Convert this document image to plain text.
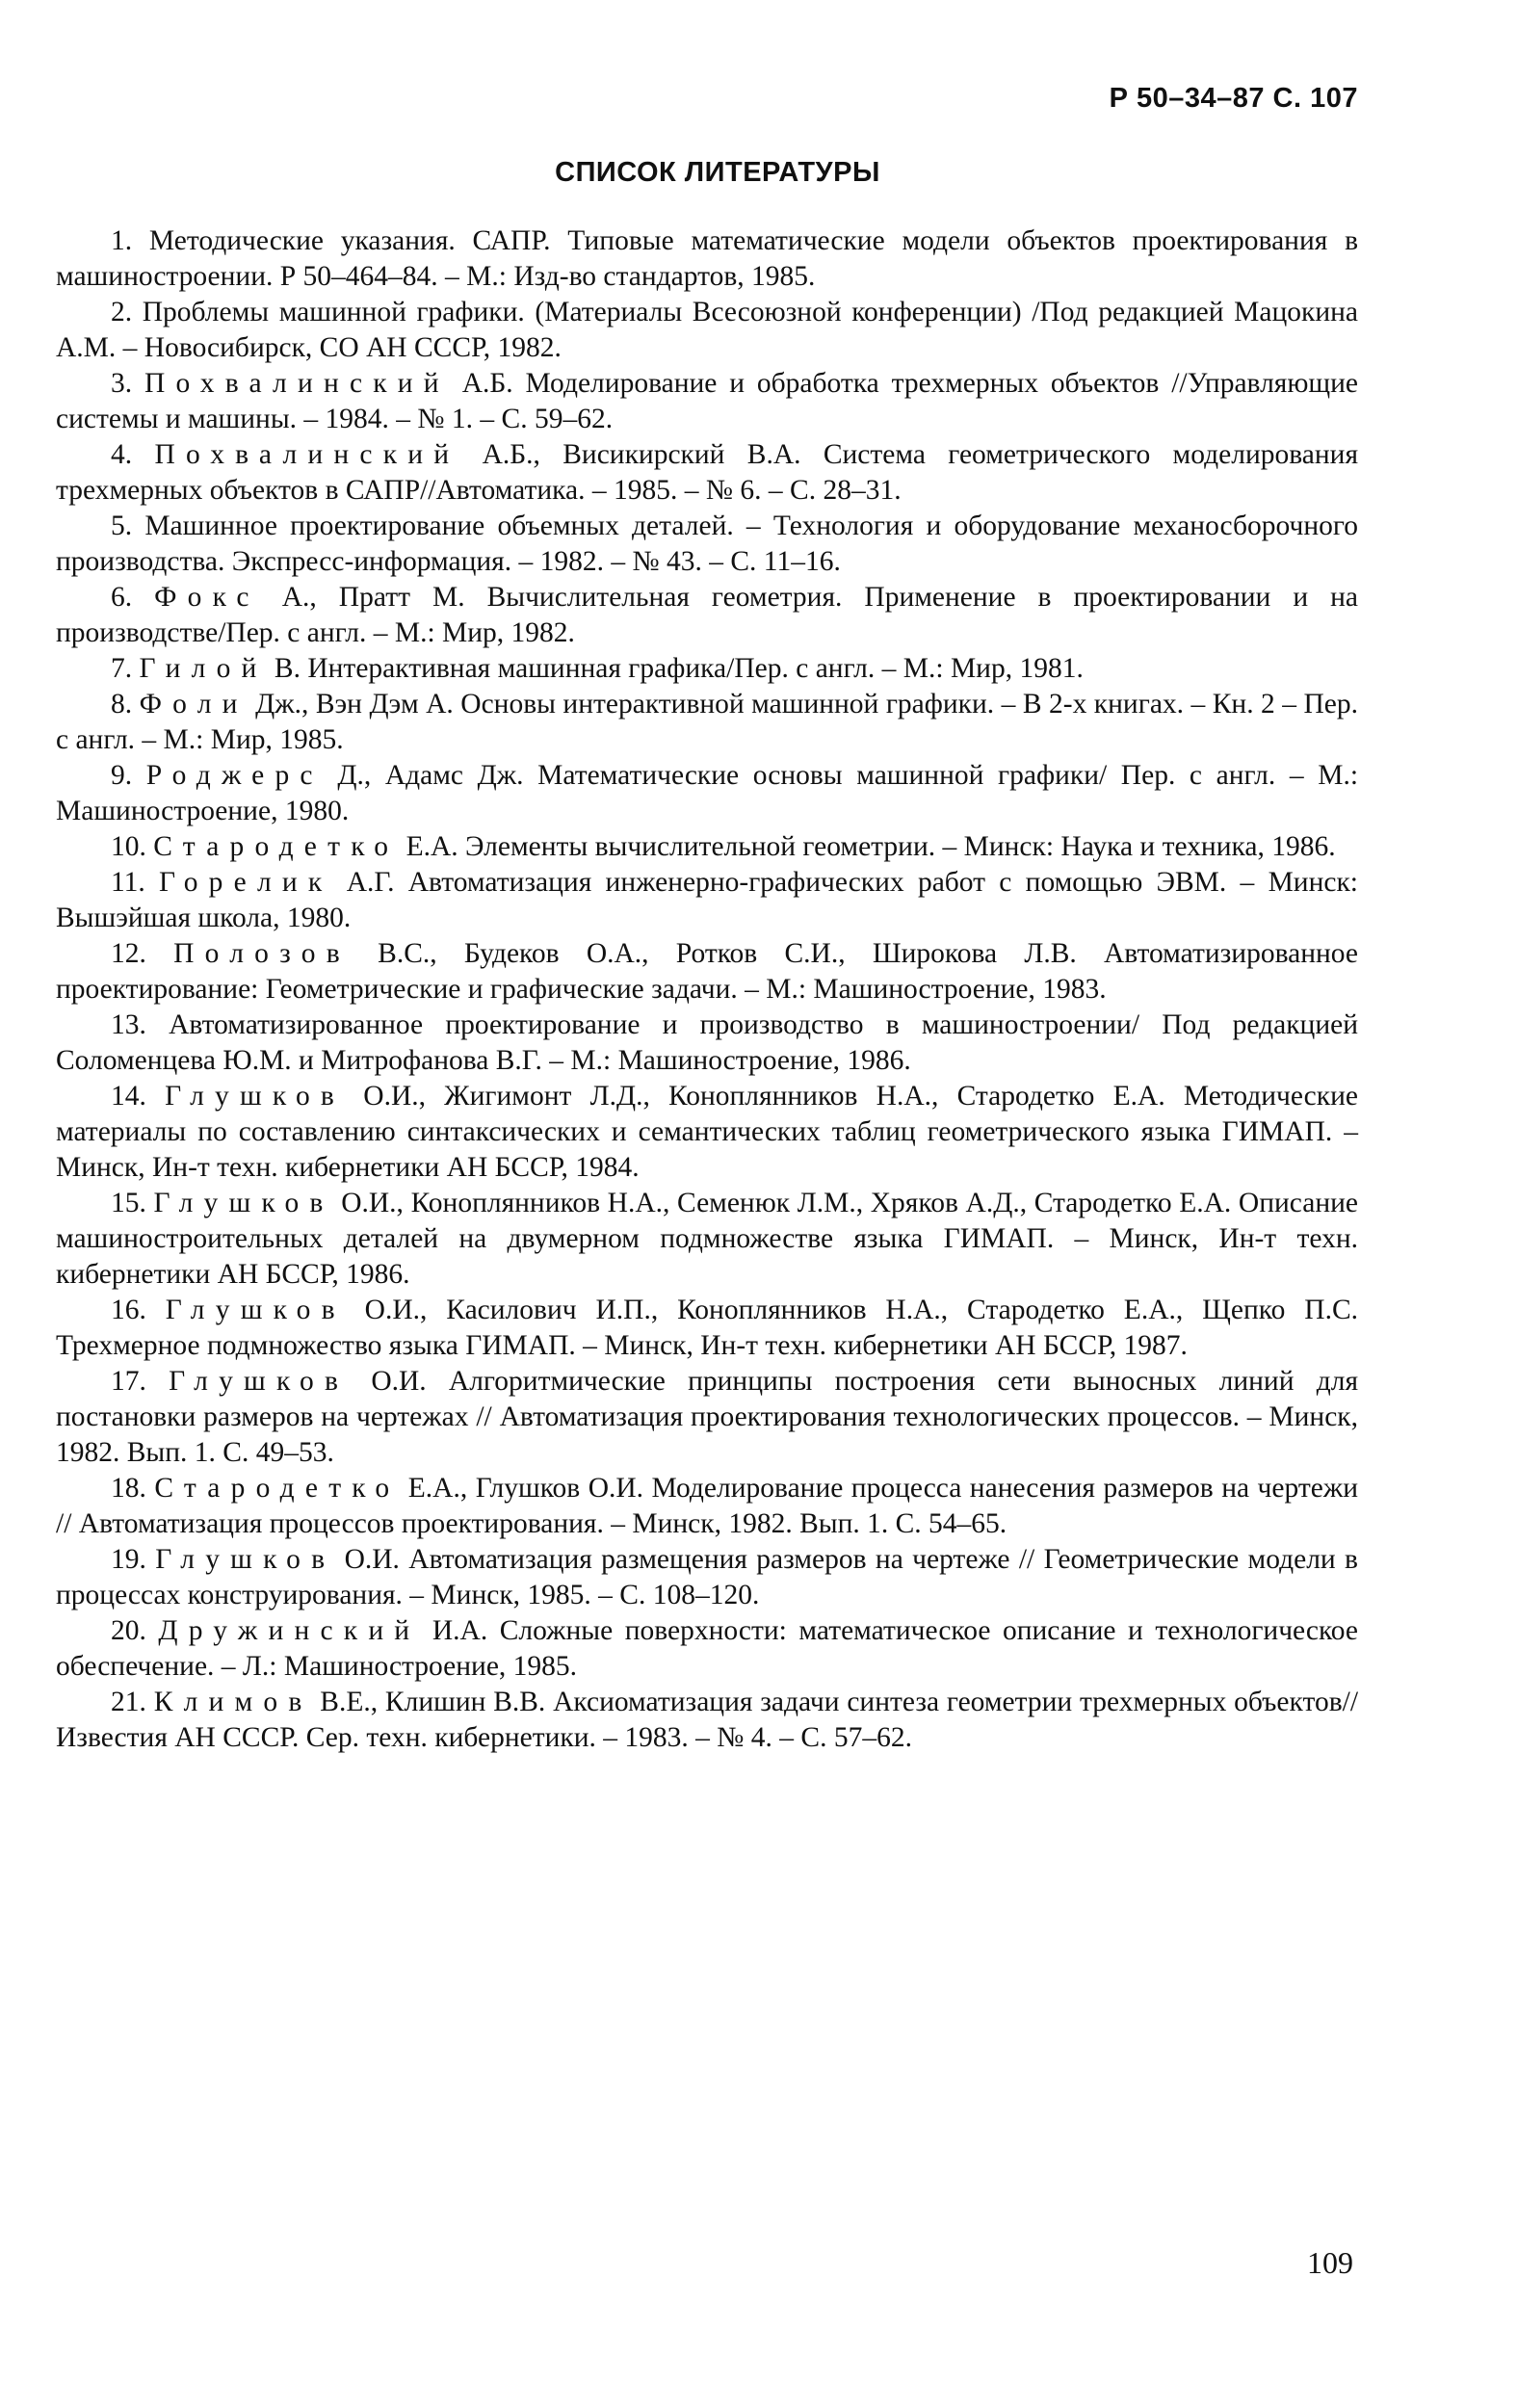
Р 50–34–87 С. 107
СПИСОК ЛИТЕРАТУРЫ

1. Методические указания. САПР. Типовые математические модели объектов проектирования в машиностроении. Р 50–464–84. – М.: Изд-во стандартов, 1985.

2. Проблемы машинной графики. (Материалы Всесоюзной конференции) /Под редакцией Мацокина А.М. – Новосибирск, СО АН СССР, 1982.

3. Похвалинский А.Б. Моделирование и обработка трехмерных объектов //Управляющие системы и машины. – 1984. – № 1. – С. 59–62.

4. Похвалинский А.Б., Висикирский В.А. Система геометрического моделирования трехмерных объектов в САПР//Автоматика. – 1985. – № 6. – С. 28–31.

5. Машинное проектирование объемных деталей. – Технология и оборудование механосборочного производства. Экспресс-информация. – 1982. – № 43. – С. 11–16.

6. Фокс А., Пратт М. Вычислительная геометрия. Применение в проектировании и на производстве/Пер. с англ. – М.: Мир, 1982.

7. Гилой В. Интерактивная машинная графика/Пер. с англ. – М.: Мир, 1981.

8. Фоли Дж., Вэн Дэм А. Основы интерактивной машинной графики. – В 2-х книгах. – Кн. 2 – Пер. с англ. – М.: Мир, 1985.

9. Роджерс Д., Адамс Дж. Математические основы машинной графики/ Пер. с англ. – М.: Машиностроение, 1980.

10. Стародетко Е.А. Элементы вычислительной геометрии. – Минск: Наука и техника, 1986.

11. Горелик А.Г. Автоматизация инженерно-графических работ с помощью ЭВМ. – Минск: Вышэйшая школа, 1980.

12. Полозов В.С., Будеков О.А., Ротков С.И., Широкова Л.В. Автоматизированное проектирование: Геометрические и графические задачи. – М.: Машиностроение, 1983.

13. Автоматизированное проектирование и производство в машиностроении/ Под редакцией Соломенцева Ю.М. и Митрофанова В.Г. – М.: Машиностроение, 1986.

14. Глушков О.И., Жигимонт Л.Д., Коноплянников Н.А., Стародетко Е.А. Методические материалы по составлению синтаксических и семантических таблиц геометрического языка ГИМАП. – Минск, Ин-т техн. кибернетики АН БССР, 1984.

15. Глушков О.И., Коноплянников Н.А., Семенюк Л.М., Хряков А.Д., Стародетко Е.А. Описание машиностроительных деталей на двумерном подмножестве языка ГИМАП. – Минск, Ин-т техн. кибернетики АН БССР, 1986.

16. Глушков О.И., Касилович И.П., Коноплянников Н.А., Стародетко Е.А., Щепко П.С. Трехмерное подмножество языка ГИМАП. – Минск, Ин-т техн. кибернетики АН БССР, 1987.

17. Глушков О.И. Алгоритмические принципы построения сети выносных линий для постановки размеров на чертежах // Автоматизация проектирования технологических процессов. – Минск, 1982. Вып. 1. С. 49–53.

18. Стародетко Е.А., Глушков О.И. Моделирование процесса нанесения размеров на чертежи // Автоматизация процессов проектирования. – Минск, 1982. Вып. 1. С. 54–65.

19. Глушков О.И. Автоматизация размещения размеров на чертеже // Геометрические модели в процессах конструирования. – Минск, 1985. – С. 108–120.

20. Дружинский И.А. Сложные поверхности: математическое описание и технологическое обеспечение. – Л.: Машиностроение, 1985.

21. Климов В.Е., Клишин В.В. Аксиоматизация задачи синтеза геометрии трехмерных объектов//Известия АН СССР. Сер. техн. кибернетики. – 1983. – № 4. – С. 57–62.

109
